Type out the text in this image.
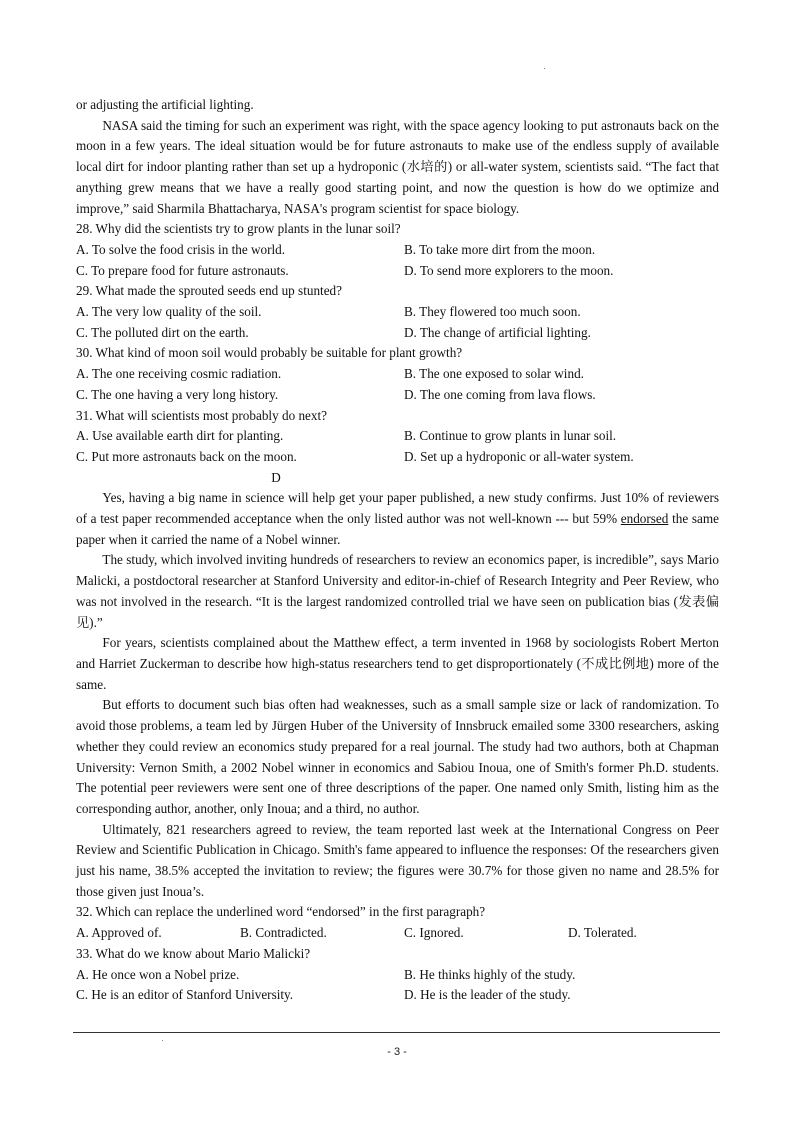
or adjusting the artificial lighting.

NASA said the timing for such an experiment was right, with the space agency looking to put astronauts back on the moon in a few years. The ideal situation would be for future astronauts to make use of the endless supply of available local dirt for indoor planting rather than set up a hydroponic (水培的) or all-water system, scientists said. “The fact that anything grew means that we have a really good starting point, and now the question is how do we optimize and improve,” said Sharmila Bhattacharya, NASA's program scientist for space biology.

28. Why did the scientists try to grow plants in the lunar soil?

A. To solve the food crisis in the world.	B. To take more dirt from the moon.
C. To prepare food for future astronauts.	D. To send more explorers to the moon.

29. What made the sprouted seeds end up stunted?

A. The very low quality of the soil.	B. They flowered too much soon.
C. The polluted dirt on the earth.	D. The change of artificial lighting.

30. What kind of moon soil would probably be suitable for plant growth?

A. The one receiving cosmic radiation.	B. The one exposed to solar wind.
C. The one having a very long history.	D. The one coming from lava flows.

31. What will scientists most probably do next?

A. Use available earth dirt for planting.	B. Continue to grow plants in lunar soil.
C. Put more astronauts back on the moon.	D. Set up a hydroponic or all-water system.

D

Yes, having a big name in science will help get your paper published, a new study confirms. Just 10% of reviewers of a test paper recommended acceptance when the only listed author was not well-known --- but 59% endorsed the same paper when it carried the name of a Nobel winner.

The study, which involved inviting hundreds of researchers to review an economics paper, is incredible”, says Mario Malicki, a postdoctoral researcher at Stanford University and editor-in-chief of Research Integrity and Peer Review, who was not involved in the research. “It is the largest randomized controlled trial we have seen on publication bias (发表偏见).”

For years, scientists complained about the Matthew effect, a term invented in 1968 by sociologists Robert Merton and Harriet Zuckerman to describe how high-status researchers tend to get disproportionately (不成比例地) more of the same.

But efforts to document such bias often had weaknesses, such as a small sample size or lack of randomization. To avoid those problems, a team led by Jürgen Huber of the University of Innsbruck emailed some 3300 researchers, asking whether they could review an economics study prepared for a real journal. The study had two authors, both at Chapman University: Vernon Smith, a 2002 Nobel winner in economics and Sabiou Inoua, one of Smith's former Ph.D. students. The potential peer reviewers were sent one of three descriptions of the paper. One named only Smith, listing him as the corresponding author, another, only Inoua; and a third, no author.

Ultimately, 821 researchers agreed to review, the team reported last week at the International Congress on Peer Review and Scientific Publication in Chicago. Smith's fame appeared to influence the responses: Of the researchers given just his name, 38.5% accepted the invitation to review; the figures were 30.7% for those given no name and 28.5% for those given just Inoua’s.

32. Which can replace the underlined word “endorsed” in the first paragraph?

A. Approved of.	B. Contradicted.	C. Ignored.	D. Tolerated.

33. What do we know about Mario Malicki?

A. He once won a Nobel prize.	B. He thinks highly of the study.
C. He is an editor of Stanford University.	D. He is the leader of the study.
- 3 -
